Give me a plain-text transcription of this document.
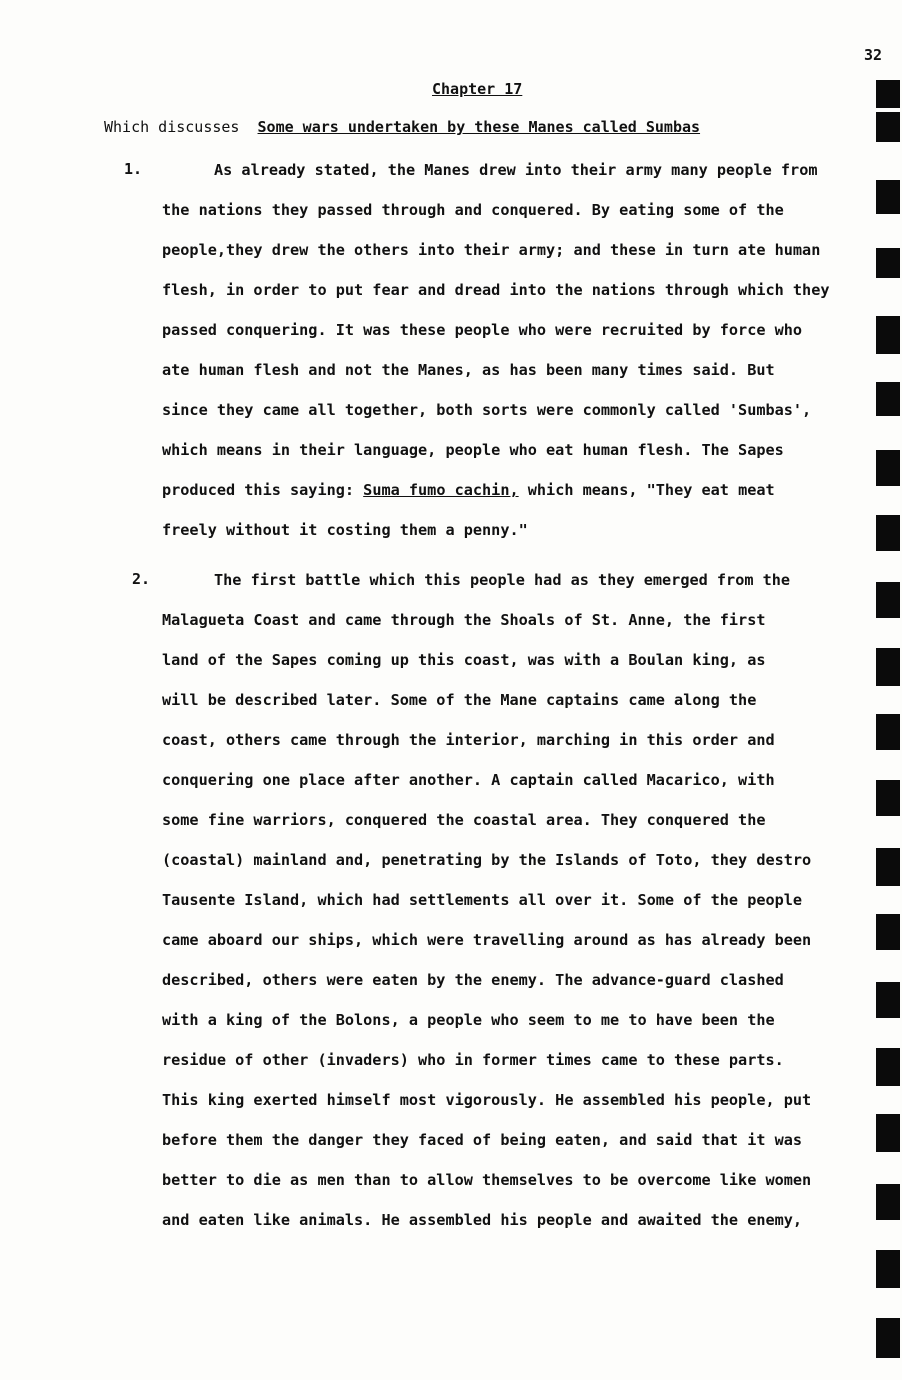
32
Chapter 17
Which discusses Some wars undertaken by these Manes called Sumbas
1.	As already stated, the Manes drew into their army many people from
the nations they passed through and conquered. By eating some of the
people,they drew the others into their army; and these in turn ate human
flesh, in order to put fear and dread into the nations through which they
passed conquering. It was these people who were recruited by force who
ate human flesh and not the Manes, as has been many times said. But
since they came all together, both sorts were commonly called 'Sumbas',
which means in their language, people who eat human flesh. The Sapes
produced this saying: Suma fumo cachin, which means, "They eat meat
freely without it costing them a penny."
2.	The first battle which this people had as they emerged from the
Malagueta Coast and came through the Shoals of St. Anne, the first
land of the Sapes coming up this coast, was with a Boulan king, as
will be described later. Some of the Mane captains came along the
coast, others came through the interior, marching in this order and
conquering one place after another. A captain called Macarico, with
some fine warriors, conquered the coastal area. They conquered the
(coastal) mainland and, penetrating by the Islands of Toto, they destro
Tausente Island, which had settlements all over it. Some of the people
came aboard our ships, which were travelling around as has already been
described, others were eaten by the enemy. The advance-guard clashed
with a king of the Bolons, a people who seem to me to have been the
residue of other (invaders) who in former times came to these parts.
This king exerted himself most vigorously. He assembled his people, put
before them the danger they faced of being eaten, and said that it was
better to die as men than to allow themselves to be overcome like women
and eaten like animals. He assembled his people and awaited the enemy,
